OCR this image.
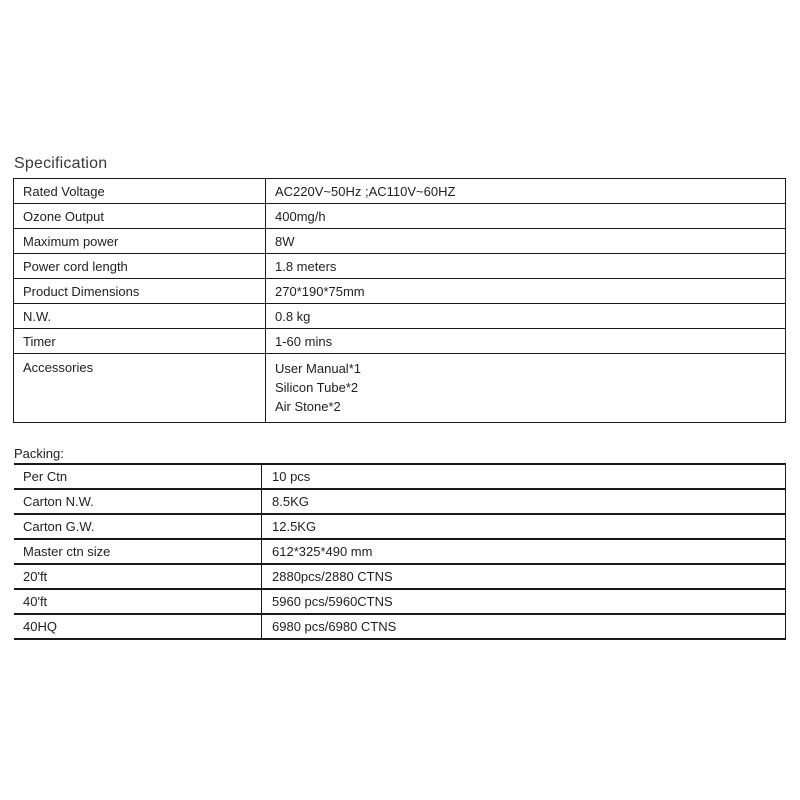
Specification
Rated Voltage	AC220V~50Hz ;AC110V~60HZ
Ozone Output	400mg/h
Maximum power	8W
Power cord length	1.8 meters
Product Dimensions	270*190*75mm
N.W.	0.8 kg
Timer	1-60 mins
Accessories	User Manual*1
Silicon Tube*2
Air Stone*2
Packing:
Per Ctn	10 pcs
Carton N.W.	8.5KG
Carton G.W.	12.5KG
Master ctn size	612*325*490 mm
20'ft	2880pcs/2880 CTNS
40'ft	5960 pcs/5960CTNS
40HQ	6980 pcs/6980 CTNS
